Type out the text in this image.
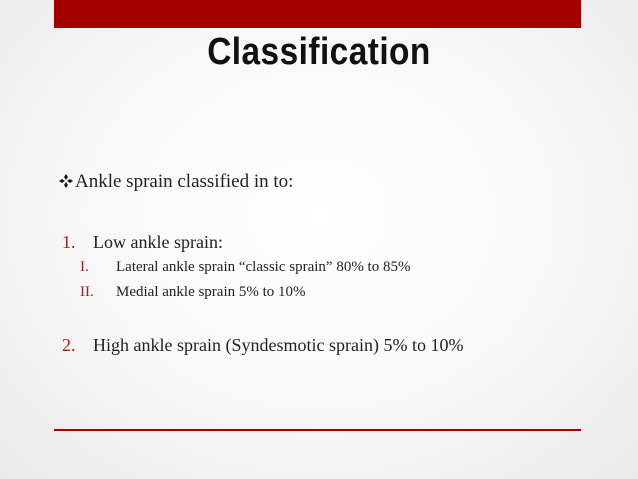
Classification
Ankle sprain classified in to:
1. Low ankle sprain:
I. Lateral ankle sprain “classic sprain” 80% to 85%
II. Medial ankle sprain 5% to 10%
2. High ankle sprain (Syndesmotic sprain) 5% to 10%
